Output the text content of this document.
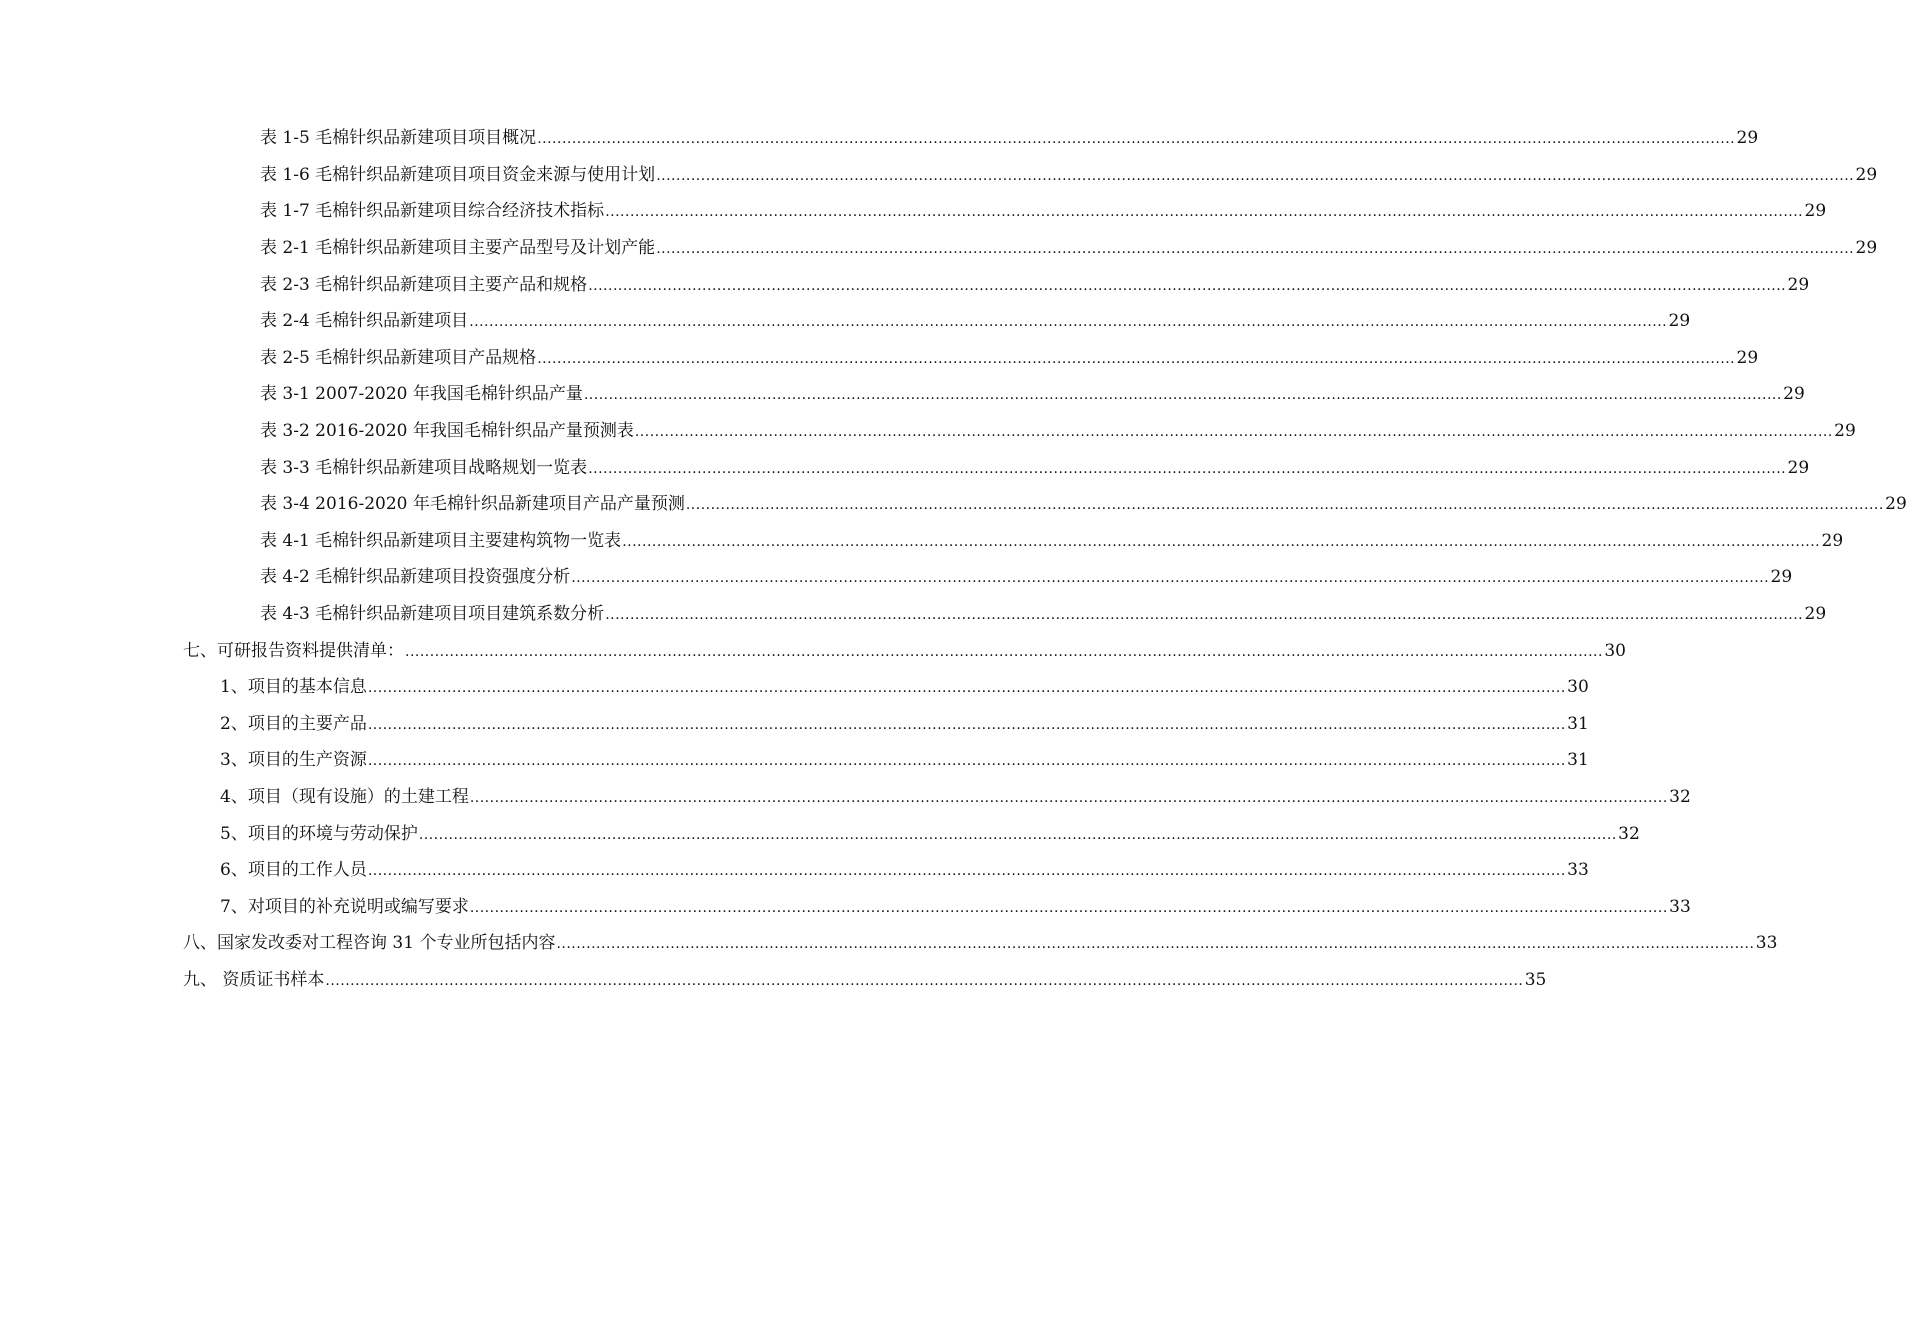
表 1-5 毛棉针织品新建项目项目概况 .................................................................................................................................................................................................................................................. 29
表 1-6 毛棉针织品新建项目项目资金来源与使用计划 .................................................................................................................................................................................................................................................. 29
表 1-7 毛棉针织品新建项目综合经济技术指标 .................................................................................................................................................................................................................................................. 29
表 2-1 毛棉针织品新建项目主要产品型号及计划产能 .................................................................................................................................................................................................................................................. 29
表 2-3 毛棉针织品新建项目主要产品和规格 .................................................................................................................................................................................................................................................. 29
表 2-4 毛棉针织品新建项目 .................................................................................................................................................................................................................................................. 29
表 2-5 毛棉针织品新建项目产品规格 .................................................................................................................................................................................................................................................. 29
表 3-1 2007-2020 年我国毛棉针织品产量 .................................................................................................................................................................................................................................................. 29
表 3-2 2016-2020 年我国毛棉针织品产量预测表 .................................................................................................................................................................................................................................................. 29
表 3-3 毛棉针织品新建项目战略规划一览表 .................................................................................................................................................................................................................................................. 29
表 3-4 2016-2020 年毛棉针织品新建项目产品产量预测 .................................................................................................................................................................................................................................................. 29
表 4-1 毛棉针织品新建项目主要建构筑物一览表 .................................................................................................................................................................................................................................................. 29
表 4-2 毛棉针织品新建项目投资强度分析 .................................................................................................................................................................................................................................................. 29
表 4-3 毛棉针织品新建项目项目建筑系数分析 .................................................................................................................................................................................................................................................. 29
七、可研报告资料提供清单： .................................................................................................................................................................................................................................................. 30
1、项目的基本信息 .................................................................................................................................................................................................................................................. 30
2、项目的主要产品 .................................................................................................................................................................................................................................................. 31
3、项目的生产资源 .................................................................................................................................................................................................................................................. 31
4、项目（现有设施）的土建工程 .................................................................................................................................................................................................................................................. 32
5、项目的环境与劳动保护 .................................................................................................................................................................................................................................................. 32
6、项目的工作人员 .................................................................................................................................................................................................................................................. 33
7、对项目的补充说明或编写要求 .................................................................................................................................................................................................................................................. 33
八、国家发改委对工程咨询 31 个专业所包括内容 .................................................................................................................................................................................................................................................. 33
九、 资质证书样本 .................................................................................................................................................................................................................................................. 35
